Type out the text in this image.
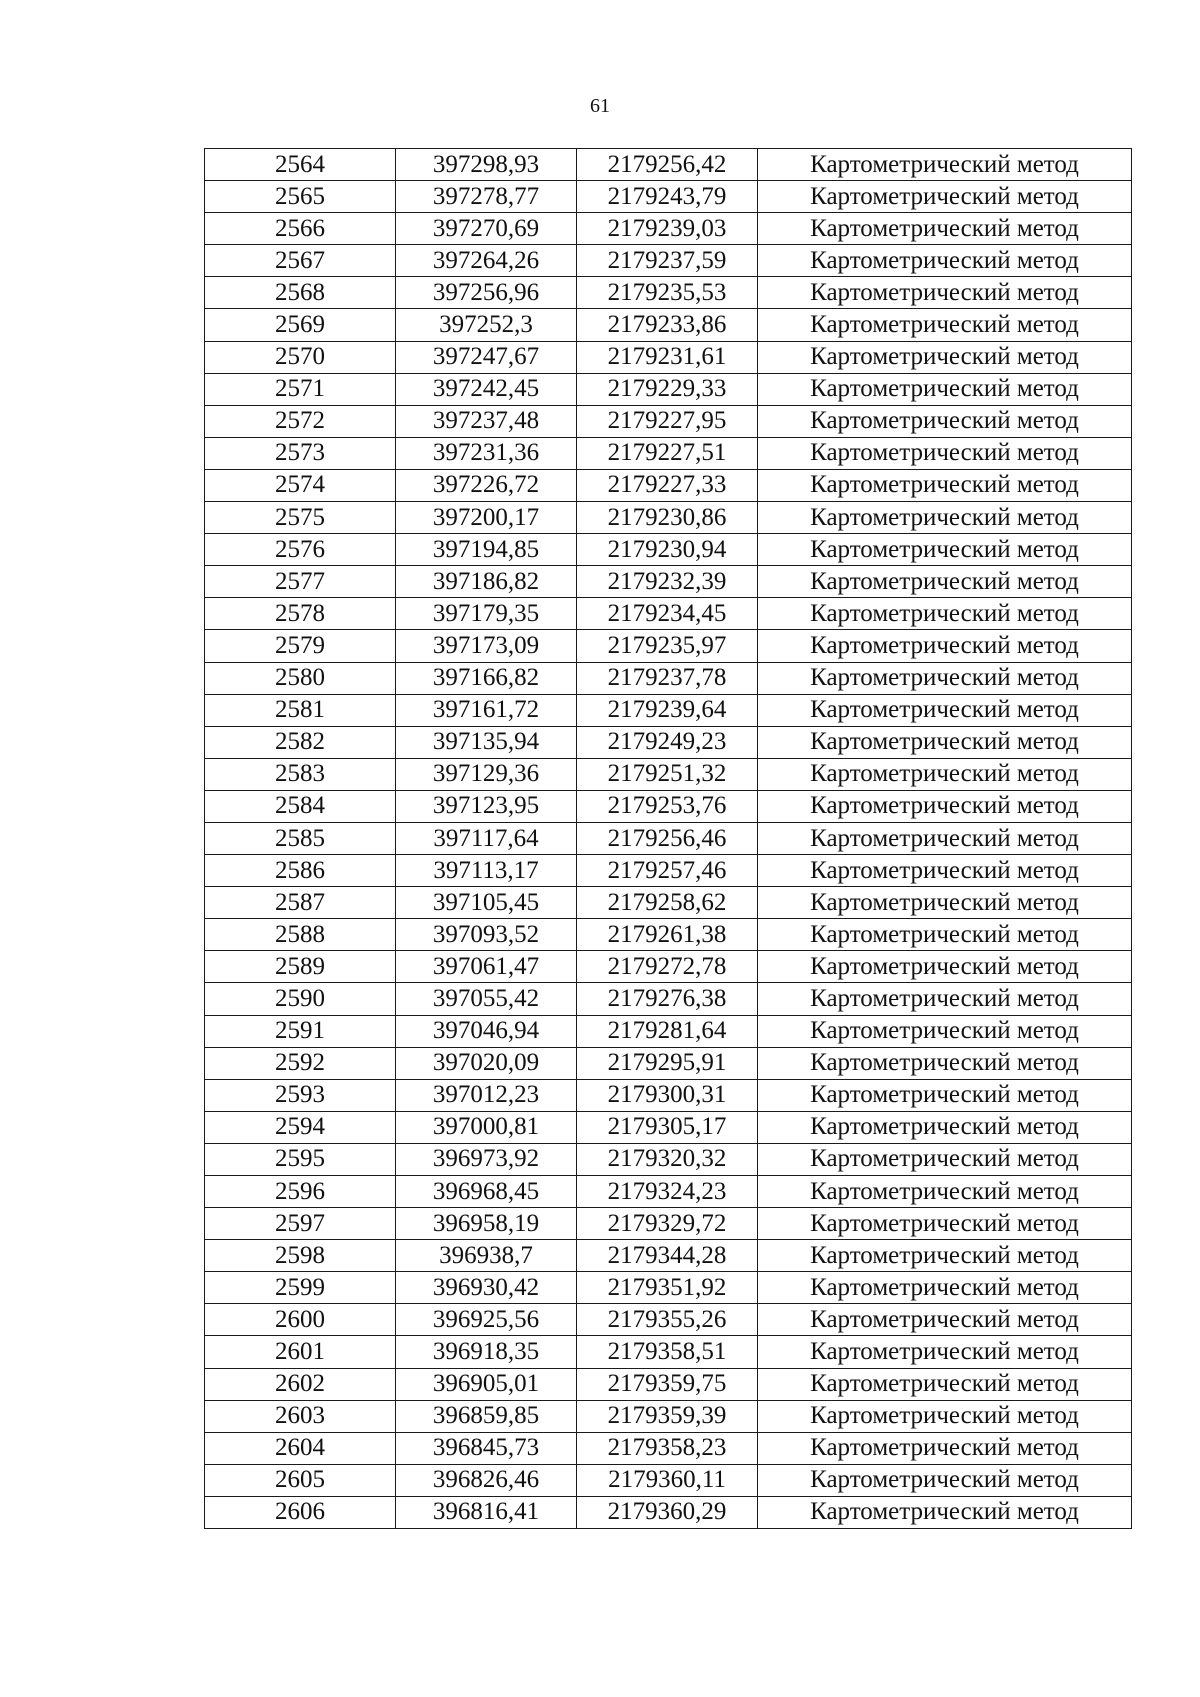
61
2564	397298,93	2179256,42	Картометрический метод
2565	397278,77	2179243,79	Картометрический метод
2566	397270,69	2179239,03	Картометрический метод
2567	397264,26	2179237,59	Картометрический метод
2568	397256,96	2179235,53	Картометрический метод
2569	397252,3	2179233,86	Картометрический метод
2570	397247,67	2179231,61	Картометрический метод
2571	397242,45	2179229,33	Картометрический метод
2572	397237,48	2179227,95	Картометрический метод
2573	397231,36	2179227,51	Картометрический метод
2574	397226,72	2179227,33	Картометрический метод
2575	397200,17	2179230,86	Картометрический метод
2576	397194,85	2179230,94	Картометрический метод
2577	397186,82	2179232,39	Картометрический метод
2578	397179,35	2179234,45	Картометрический метод
2579	397173,09	2179235,97	Картометрический метод
2580	397166,82	2179237,78	Картометрический метод
2581	397161,72	2179239,64	Картометрический метод
2582	397135,94	2179249,23	Картометрический метод
2583	397129,36	2179251,32	Картометрический метод
2584	397123,95	2179253,76	Картометрический метод
2585	397117,64	2179256,46	Картометрический метод
2586	397113,17	2179257,46	Картометрический метод
2587	397105,45	2179258,62	Картометрический метод
2588	397093,52	2179261,38	Картометрический метод
2589	397061,47	2179272,78	Картометрический метод
2590	397055,42	2179276,38	Картометрический метод
2591	397046,94	2179281,64	Картометрический метод
2592	397020,09	2179295,91	Картометрический метод
2593	397012,23	2179300,31	Картометрический метод
2594	397000,81	2179305,17	Картометрический метод
2595	396973,92	2179320,32	Картометрический метод
2596	396968,45	2179324,23	Картометрический метод
2597	396958,19	2179329,72	Картометрический метод
2598	396938,7	2179344,28	Картометрический метод
2599	396930,42	2179351,92	Картометрический метод
2600	396925,56	2179355,26	Картометрический метод
2601	396918,35	2179358,51	Картометрический метод
2602	396905,01	2179359,75	Картометрический метод
2603	396859,85	2179359,39	Картометрический метод
2604	396845,73	2179358,23	Картометрический метод
2605	396826,46	2179360,11	Картометрический метод
2606	396816,41	2179360,29	Картометрический метод
